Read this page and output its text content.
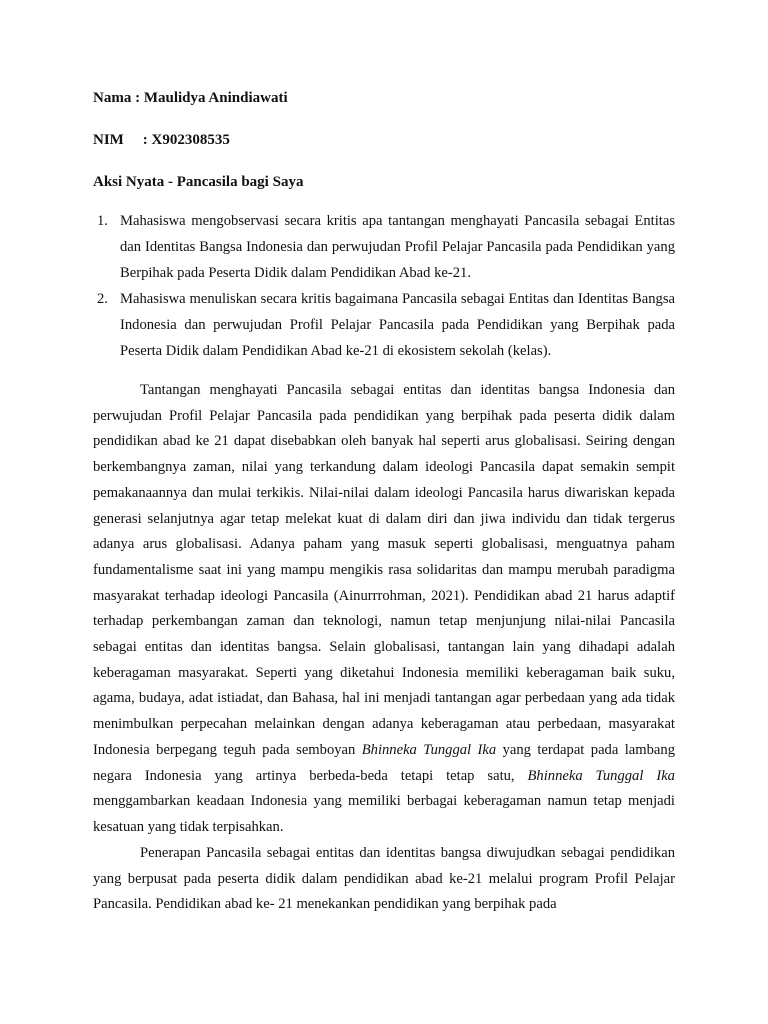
Nama : Maulidya Anindiawati

NIM : X902308535

Aksi Nyata - Pancasila bagi Saya

1. Mahasiswa mengobservasi secara kritis apa tantangan menghayati Pancasila sebagai Entitas dan Identitas Bangsa Indonesia dan perwujudan Profil Pelajar Pancasila pada Pendidikan yang Berpihak pada Peserta Didik dalam Pendidikan Abad ke-21.
2. Mahasiswa menuliskan secara kritis bagaimana Pancasila sebagai Entitas dan Identitas Bangsa Indonesia dan perwujudan Profil Pelajar Pancasila pada Pendidikan yang Berpihak pada Peserta Didik dalam Pendidikan Abad ke-21 di ekosistem sekolah (kelas).

Tantangan menghayati Pancasila sebagai entitas dan identitas bangsa Indonesia dan perwujudan Profil Pelajar Pancasila pada pendidikan yang berpihak pada peserta didik dalam pendidikan abad ke 21 dapat disebabkan oleh banyak hal seperti arus globalisasi. Seiring dengan berkembangnya zaman, nilai yang terkandung dalam ideologi Pancasila dapat semakin sempit pemakanaannya dan mulai terkikis. Nilai-nilai dalam ideologi Pancasila harus diwariskan kepada generasi selanjutnya agar tetap melekat kuat di dalam diri dan jiwa individu dan tidak tergerus adanya arus globalisasi. Adanya paham yang masuk seperti globalisasi, menguatnya paham fundamentalisme saat ini yang mampu mengikis rasa solidaritas dan mampu merubah paradigma masyarakat terhadap ideologi Pancasila (Ainurrrohman, 2021). Pendidikan abad 21 harus adaptif terhadap perkembangan zaman dan teknologi, namun tetap menjunjung nilai-nilai Pancasila sebagai entitas dan identitas bangsa. Selain globalisasi, tantangan lain yang dihadapi adalah keberagaman masyarakat. Seperti yang diketahui Indonesia memiliki keberagaman baik suku, agama, budaya, adat istiadat, dan Bahasa, hal ini menjadi tantangan agar perbedaan yang ada tidak menimbulkan perpecahan melainkan dengan adanya keberagaman atau perbedaan, masyarakat Indonesia berpegang teguh pada semboyan Bhinneka Tunggal Ika yang terdapat pada lambang negara Indonesia yang artinya berbeda-beda tetapi tetap satu, Bhinneka Tunggal Ika menggambarkan keadaan Indonesia yang memiliki berbagai keberagaman namun tetap menjadi kesatuan yang tidak terpisahkan.

Penerapan Pancasila sebagai entitas dan identitas bangsa diwujudkan sebagai pendidikan yang berpusat pada peserta didik dalam pendidikan abad ke-21 melalui program Profil Pelajar Pancasila. Pendidikan abad ke- 21 menekankan pendidikan yang berpihak pada
